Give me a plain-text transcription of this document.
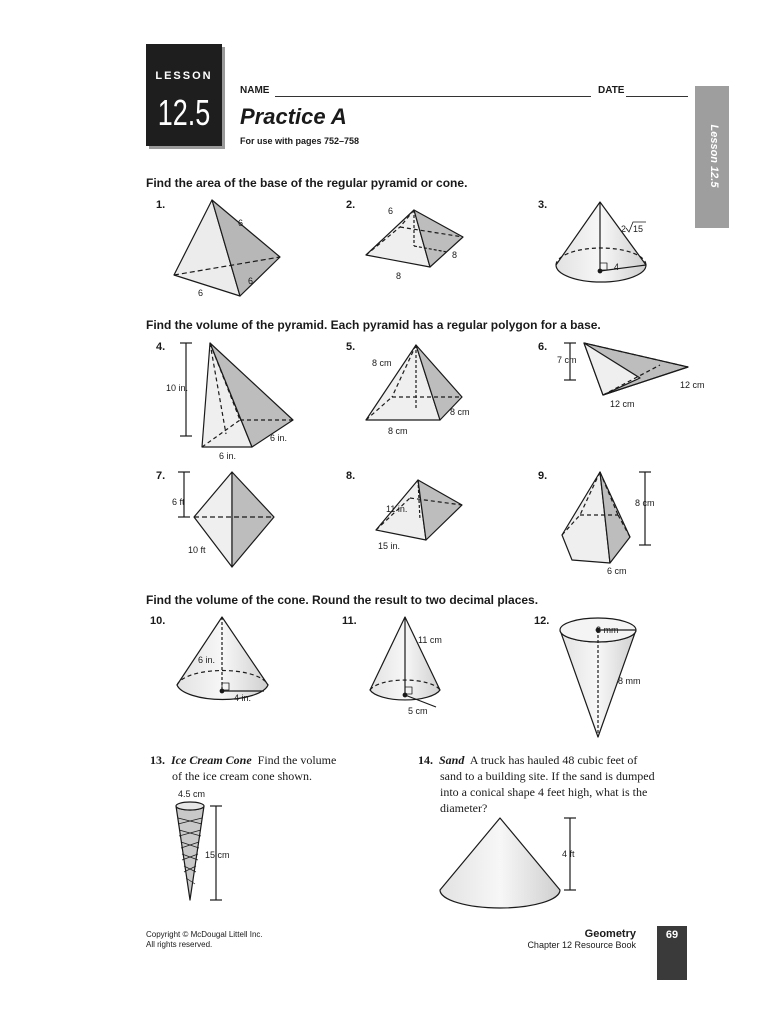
LESSON
12.5
NAME	DATE
Practice A
For use with pages 752–758	Lesson 12.5
Find the area of the base of the regular pyramid or cone.
1.	2.	3.
Find the volume of the pyramid. Each pyramid has a regular polygon for a base.
4.	5.	6.
7.	8.	9.
Find the volume of the cone. Round the result to two decimal places.
10.	11.	12.
13. Ice Cream Cone Find the volume
of the ice cream cone shown.
14. Sand A truck has hauled 48 cubic feet of
sand to a building site. If the sand is dumped
into a conical shape 4 feet high, what is the
diameter?
6
6
6
6
8
8
2 15
4
10 in.
6 in.
6 in.
8 cm
8 cm
8 cm
7 cm
12 cm
12 cm
6 ft
10 ft
11 in.
15 in.
8 cm
6 cm
6 in.
4 in.
11 cm
5 cm
3 mm
8 mm
4.5 cm
15 cm	4 ft
Copyright © McDougal Littell Inc.
All rights reserved.
Geometry
Chapter 12 Resource Book
69
